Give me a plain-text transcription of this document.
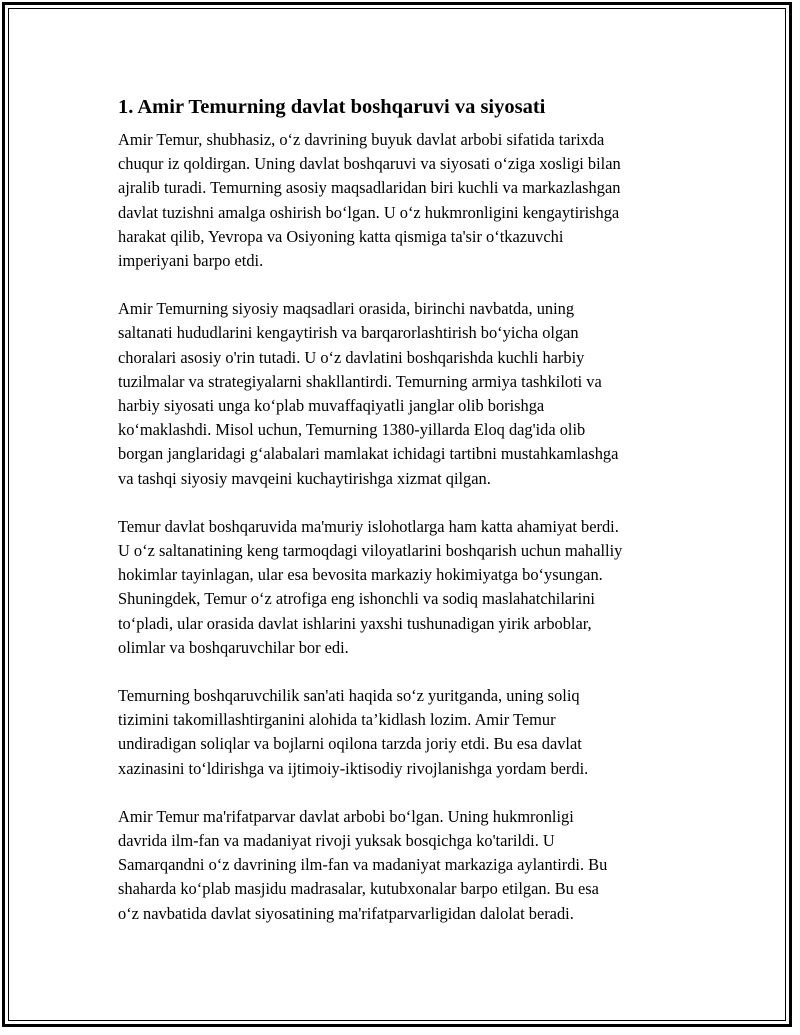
1. Amir Temurning davlat boshqaruvi va siyosati

Amir Temur, shubhasiz, o‘z davrining buyuk davlat arbobi sifatida tarixda
chuqur iz qoldirgan. Uning davlat boshqaruvi va siyosati o‘ziga xosligi bilan
ajralib turadi. Temurning asosiy maqsadlaridan biri kuchli va markazlashgan
davlat tuzishni amalga oshirish bo‘lgan. U o‘z hukmronligini kengaytirishga
harakat qilib, Yevropa va Osiyoning katta qismiga ta'sir o‘tkazuvchi
imperiyani barpo etdi.

Amir Temurning siyosiy maqsadlari orasida, birinchi navbatda, uning
saltanati hududlarini kengaytirish va barqarorlashtirish bo‘yicha olgan
choralari asosiy o'rin tutadi. U o‘z davlatini boshqarishda kuchli harbiy
tuzilmalar va strategiyalarni shakllantirdi. Temurning armiya tashkiloti va
harbiy siyosati unga ko‘plab muvaffaqiyatli janglar olib borishga
ko‘maklashdi. Misol uchun, Temurning 1380-yillarda Eloq dag'ida olib
borgan janglaridagi g‘alabalari mamlakat ichidagi tartibni mustahkamlashga
va tashqi siyosiy mavqeini kuchaytirishga xizmat qilgan.

Temur davlat boshqaruvida ma'muriy islohotlarga ham katta ahamiyat berdi.
U o‘z saltanatining keng tarmoqdagi viloyatlarini boshqarish uchun mahalliy
hokimlar tayinlagan, ular esa bevosita markaziy hokimiyatga bo‘ysungan.
Shuningdek, Temur o‘z atrofiga eng ishonchli va sodiq maslahatchilarini
to‘pladi, ular orasida davlat ishlarini yaxshi tushunadigan yirik arboblar,
olimlar va boshqaruvchilar bor edi.

Temurning boshqaruvchilik san'ati haqida so‘z yuritganda, uning soliq
tizimini takomillashtirganini alohida ta’kidlash lozim. Amir Temur
undiradigan soliqlar va bojlarni oqilona tarzda joriy etdi. Bu esa davlat
xazinasini to‘ldirishga va ijtimoiy-iktisodiy rivojlanishga yordam berdi.

Amir Temur ma'rifatparvar davlat arbobi bo‘lgan. Uning hukmronligi
davrida ilm-fan va madaniyat rivoji yuksak bosqichga ko'tarildi. U
Samarqandni o‘z davrining ilm-fan va madaniyat markaziga aylantirdi. Bu
shaharda ko‘plab masjidu madrasalar, kutubxonalar barpo etilgan. Bu esa
o‘z navbatida davlat siyosatining ma'rifatparvarligidan dalolat beradi.
